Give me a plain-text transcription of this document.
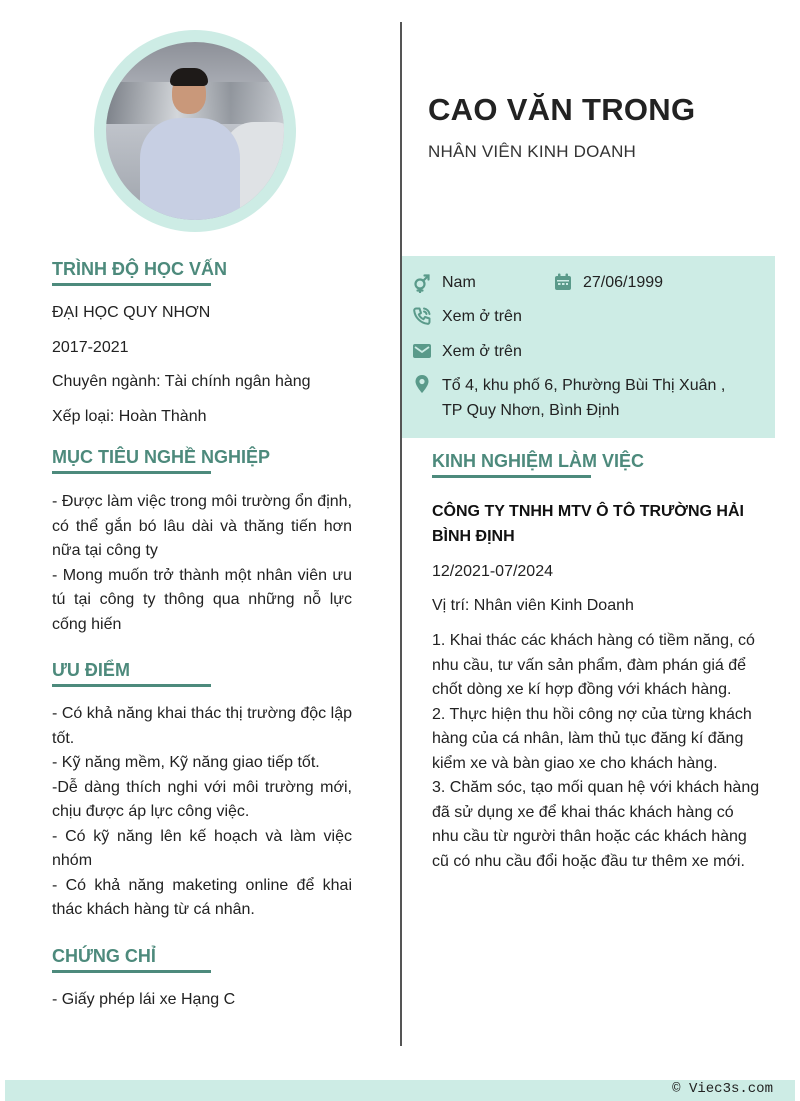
TRÌNH ĐỘ HỌC VẤN
ĐẠI HỌC QUY NHƠN
2017-2021
Chuyên ngành: Tài chính ngân hàng
Xếp loại: Hoàn Thành
MỤC TIÊU NGHỀ NGHIỆP
- Được làm việc trong môi trường ổn định, có thể gắn bó lâu dài và thăng tiến hơn nữa tại công ty
- Mong muốn trở thành một nhân viên ưu tú tại công ty thông qua những nỗ lực cống hiến
ƯU ĐIỂM
- Có khả năng khai thác thị trường độc lập tốt.
- Kỹ năng mềm, Kỹ năng giao tiếp tốt.
-Dễ dàng thích nghi với môi trường mới, chịu được áp lực công việc.
- Có kỹ năng lên kế hoạch và làm việc nhóm
- Có khả năng maketing online để khai thác khách hàng từ cá nhân.
CHỨNG CHỈ
- Giấy phép lái xe Hạng C
CAO VĂN TRONG
NHÂN VIÊN KINH DOANH
Nam	27/06/1999
Xem ở trên
Xem ở trên
Tổ 4, khu phố 6, Phường Bùi Thị Xuân ,
TP Quy Nhơn, Bình Định
KINH NGHIỆM LÀM VIỆC
CÔNG TY TNHH MTV Ô TÔ TRƯỜNG HẢI BÌNH ĐỊNH
12/2021-07/2024
Vị trí: Nhân viên Kinh Doanh
1. Khai thác các khách hàng có tiềm năng, có nhu cầu, tư vấn sản phẩm, đàm phán giá để chốt dòng xe kí hợp đồng với khách hàng.
2. Thực hiện thu hồi công nợ của từng khách hàng của cá nhân, làm thủ tục đăng kí đăng kiểm xe và bàn giao xe cho khách hàng.
3. Chăm sóc, tạo mối quan hệ với khách hàng đã sử dụng xe để khai thác khách hàng có nhu cầu từ người thân hoặc các khách hàng cũ có nhu cầu đổi hoặc đầu tư thêm xe mới.
© Viec3s.com
